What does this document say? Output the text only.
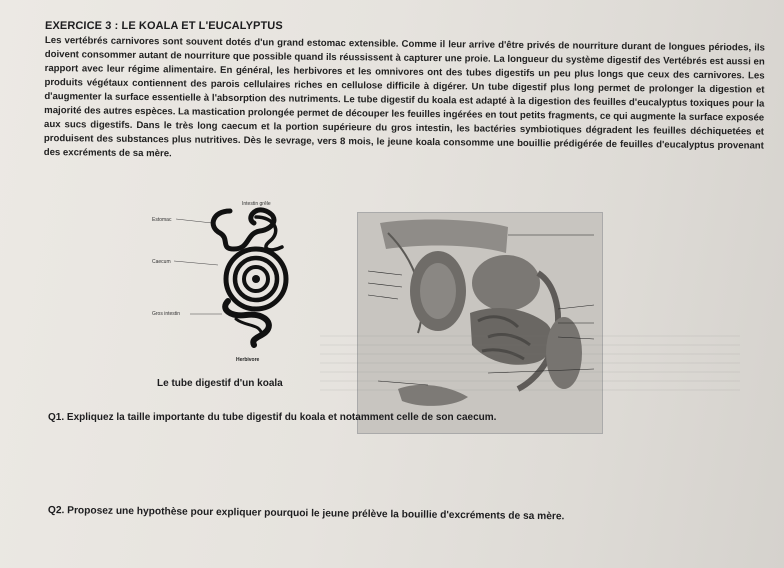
EXERCICE 3 : LE KOALA ET L'EUCALYPTUS
Les vertébrés carnivores sont souvent dotés d'un grand estomac extensible. Comme il leur arrive d'être privés de nourriture durant de longues périodes, ils doivent consommer autant de nourriture que possible quand ils réussissent à capturer une proie. La longueur du système digestif des Vertébrés est aussi en rapport avec leur régime alimentaire. En général, les herbivores et les omnivores ont des tubes digestifs un peu plus longs que ceux des carnivores. Les produits végétaux contiennent des parois cellulaires riches en cellulose difficile à digérer. Un tube digestif plus long permet de prolonger la digestion et d'augmenter la surface essentielle à l'absorption des nutriments. Le tube digestif du koala est adapté à la digestion des feuilles d'eucalyptus toxiques pour la majorité des autres espèces. La mastication prolongée permet de découper les feuilles ingérées en tout petits fragments, ce qui augmente la surface exposée aux sucs digestifs. Dans le très long caecum et la portion supérieure du gros intestin, les bactéries symbiotiques dégradent les feuilles déchiquetées et produisent des substances plus nutritives. Dès le sevrage, vers 8 mois, le jeune koala consomme une bouillie prédigérée de feuilles d'eucalyptus provenant des excréments de sa mère.
Intestin grêle
Estomac
Caecum
Gros intestin
Herbivore
Le tube digestif d'un koala
Q1. Expliquez la taille importante du tube digestif du koala et notamment celle de son caecum.
Q2. Proposez une hypothèse pour expliquer pourquoi le jeune prélève la bouillie d'excréments de sa mère.
